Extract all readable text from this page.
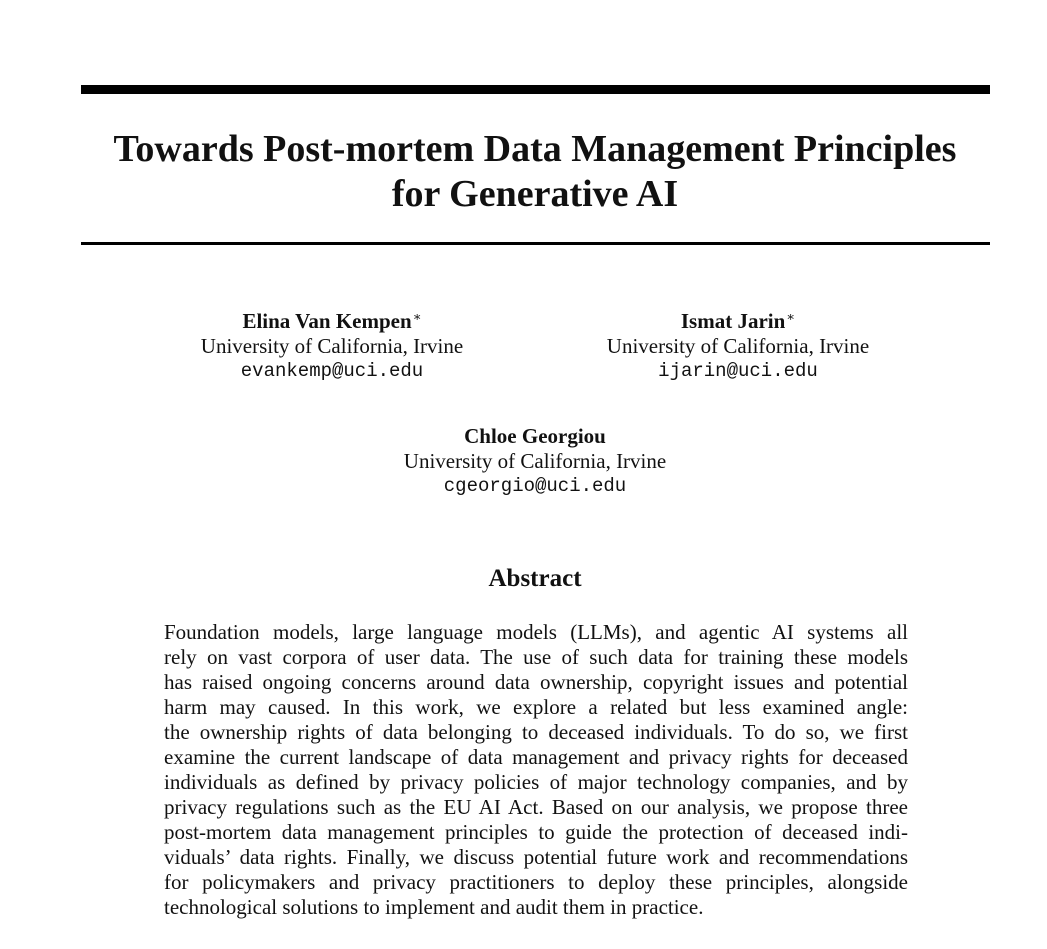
Towards Post-mortem Data Management Principles
for Generative AI
Elina Van Kempen∗
University of California, Irvine
evankemp@uci.edu
Ismat Jarin∗
University of California, Irvine
ijarin@uci.edu
Chloe Georgiou
University of California, Irvine
cgeorgio@uci.edu
Abstract
Foundation models, large language models (LLMs), and agentic AI systems all
rely on vast corpora of user data. The use of such data for training these models
has raised ongoing concerns around data ownership, copyright issues and potential
harm may caused. In this work, we explore a related but less examined angle:
the ownership rights of data belonging to deceased individuals. To do so, we first
examine the current landscape of data management and privacy rights for deceased
individuals as defined by privacy policies of major technology companies, and by
privacy regulations such as the EU AI Act. Based on our analysis, we propose three
post-mortem data management principles to guide the protection of deceased indi-
viduals’ data rights. Finally, we discuss potential future work and recommendations
for policymakers and privacy practitioners to deploy these principles, alongside
technological solutions to implement and audit them in practice.
